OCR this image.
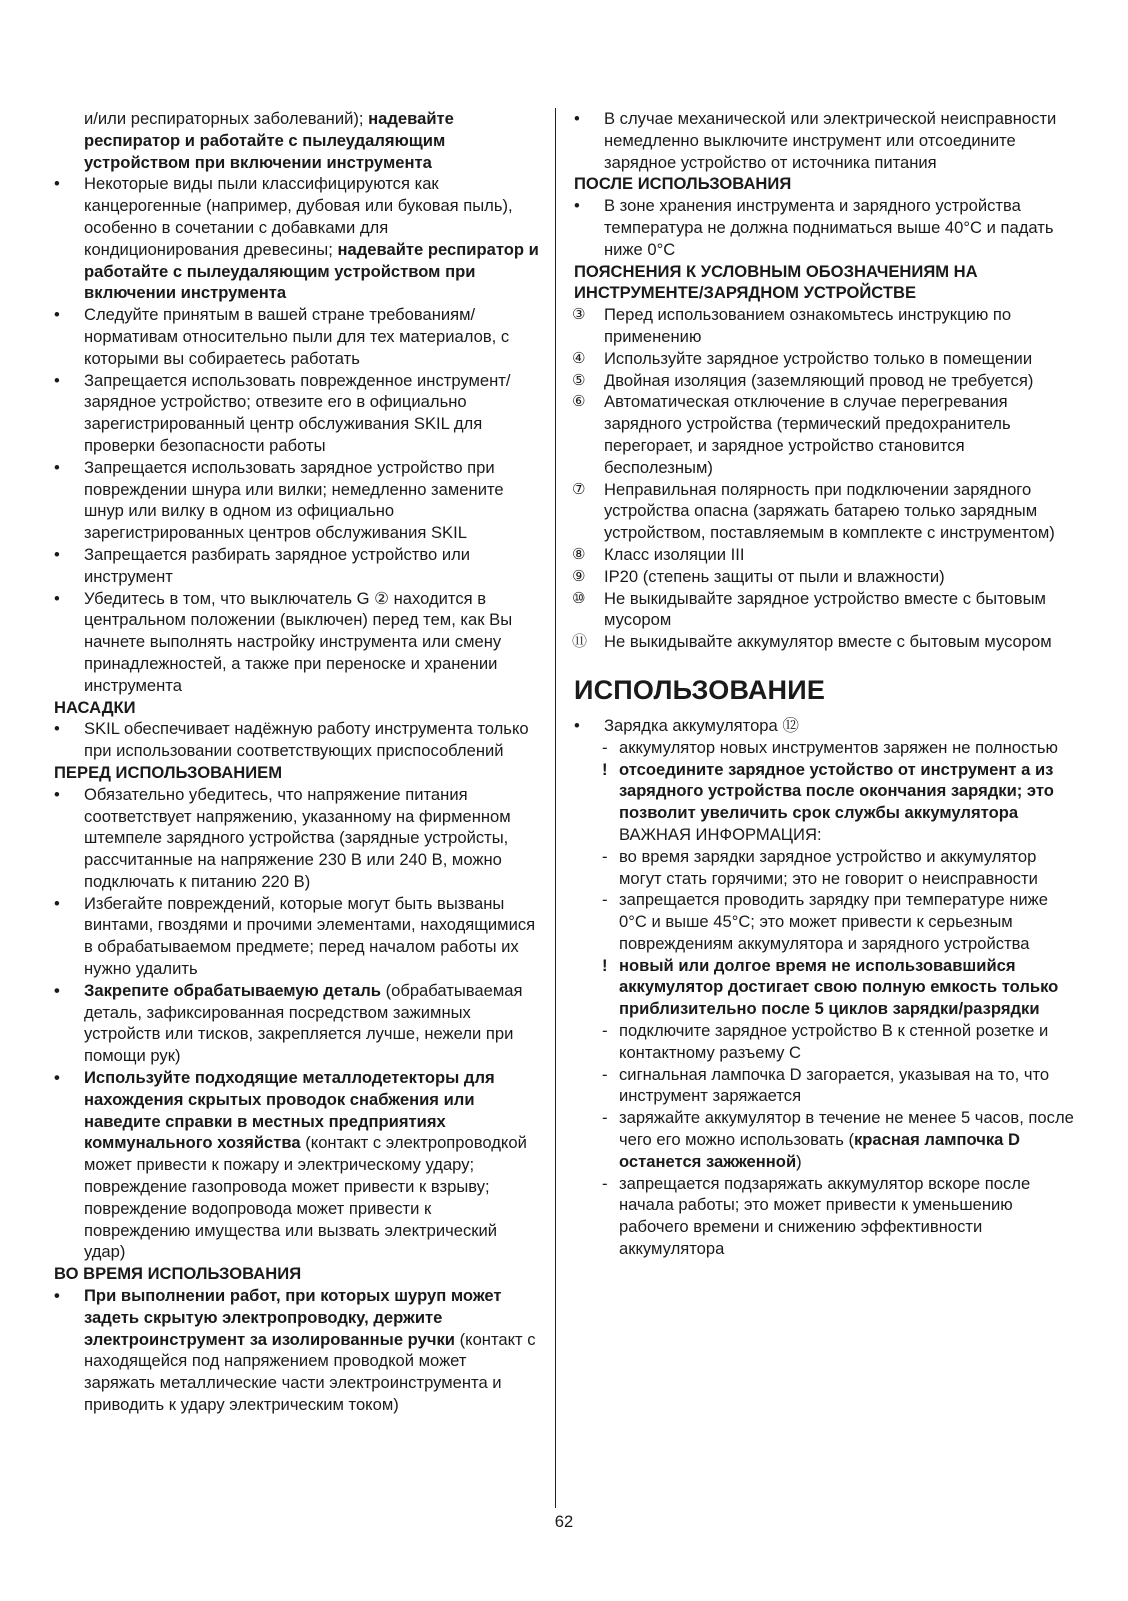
и/или респираторных заболеваний); надевайте респиратор и работайте с пылеудаляющим устройством при включении инструмента
•	Некоторые виды пыли классифицируются как канцерогенные (например, дубовая или буковая пыль), особенно в сочетании с добавками для кондиционирования древесины; надевайте респиратор и работайте с пылеудаляющим устройством при включении инструмента
•	Следуйте принятым в вашей стране требованиям/ нормативам относительно пыли для тех материалов, с которыми вы собираетесь работать
•	Запрещается использовать поврежденное инструмент/зарядное устройство; отвезите его в официально зарегистрированный центр обслуживания SKIL для проверки безопасности работы
•	Запрещается использовать зарядное устройство при повреждении шнура или вилки; немедленно замените шнур или вилку в одном из официально зарегистрированных центров обслуживания SKIL
•	Запрещается разбирать зарядное устройство или инструмент
•	Убедитесь в том, что выключатель G ② находится в центральном положении (выключен) перед тем, как Вы начнете выполнять настройку инструмента или смену принадлежностей, а также при переноске и хранении инструмента
НАСАДКИ
•	SKIL обеспечивает надёжную работу инструмента только при использовании соответствующих приспособлений
ПЕРЕД ИСПОЛЬЗОВАНИЕМ
•	Обязательно убедитесь, что напряжение питания соответствует напряжению, указанному на фирменном штемпеле зарядного устройства (зарядные устройсты, рассчитанные на напряжение 230 В или 240 В, можно подключать к питанию 220 В)
•	Избегайте повреждений, которые могут быть вызваны винтами, гвоздями и прочими элементами, находящимися в обрабатываемом предмете; перед началом работы их нужно удалить
•	Закрепите обрабатываемую деталь (обрабатываемая деталь, зафиксированная посредством зажимных устройств или тисков, закрепляется лучше, нежели при помощи рук)
•	Используйте подходящие металлодетекторы для нахождения скрытых проводок снабжения или наведите справки в местных предприятиях коммунального хозяйства (контакт с электропроводкой может привести к пожару и электрическому удару; повреждение газопровода может привести к взрыву; повреждение водопровода может привести к повреждению имущества или вызвать электрический удар)
ВО ВРЕМЯ ИСПОЛЬЗОВАНИЯ
•	При выполнении работ, при которых шуруп может задеть скрытую электропроводку, держите электроинструмент за изолированные ручки (контакт с находящейся под напряжением проводкой может заряжать металлические части электроинструмента и приводить к удару электрическим током)
•	В случае механической или электрической неисправности немедленно выключите инструмент или отсоедините зарядное устройство от источника питания
ПОСЛЕ ИСПОЛЬЗОВАНИЯ
•	В зоне хранения инструмента и зарядного устройства температура не должна подниматься выше 40°C и падать ниже 0°C
ПОЯСНЕНИЯ К УСЛОВНЫМ ОБОЗНАЧЕНИЯМ НА ИНСТРУМЕНТЕ/ЗАРЯДНОМ УСТРОЙСТВЕ
③	Перед использованием ознакомьтесь инструкцию по применению
④	Используйте зарядное устройство только в помещении
⑤	Двойная изоляция (заземляющий провод не требуется)
⑥	Автоматическая отключение в случае перегревания зарядного устройства (термический предохранитель перегорает, и зарядное устройство становится бесполезным)
⑦	Неправильная полярность при подключении зарядного устройства опасна (заряжать батарею только зарядным устройством, поставляемым в комплекте с инструментом)
⑧	Класс изоляции III
⑨	IP20 (степень защиты от пыли и влажности)
⑩	Не выкидывайте зарядное устройство вместе с бытовым мусором
⑪	Не выкидывайте аккумулятор вместе с бытовым мусором
ИСПОЛЬЗОВАНИЕ
•	Зарядка аккумулятора ⑫
- аккумулятор новых инструментов заряжен не полностью
! отсоедините зарядное устойство от инструмент а из зарядного устройства после окончания зарядки; это позволит увеличить срок службы аккумулятора
ВАЖНАЯ ИНФОРМАЦИЯ:
- во время зарядки зарядное устройство и аккумулятор могут стать горячими; это не говорит о неисправности
- запрещается проводить зарядку при температуре ниже 0°C и выше 45°C; это может привести к серьезным повреждениям аккумулятора и зарядного устройства
! новый или долгое время не использовавшийся аккумулятор достигает свою полную емкость только приблизительно после 5 циклов зарядки/разрядки
- подключите зарядное устройство B к стенной розетке и контактному разъему C
- сигнальная лампочка D загорается, указывая на то, что инструмент заряжается
- заряжайте аккумулятор в течение не менее 5 часов, после чего его можно использовать (красная лампочка D останется зажженной)
- запрещается подзаряжать аккумулятор вскоре после начала работы; это может привести к уменьшению рабочего времени и снижению эффективности аккумулятора
62
